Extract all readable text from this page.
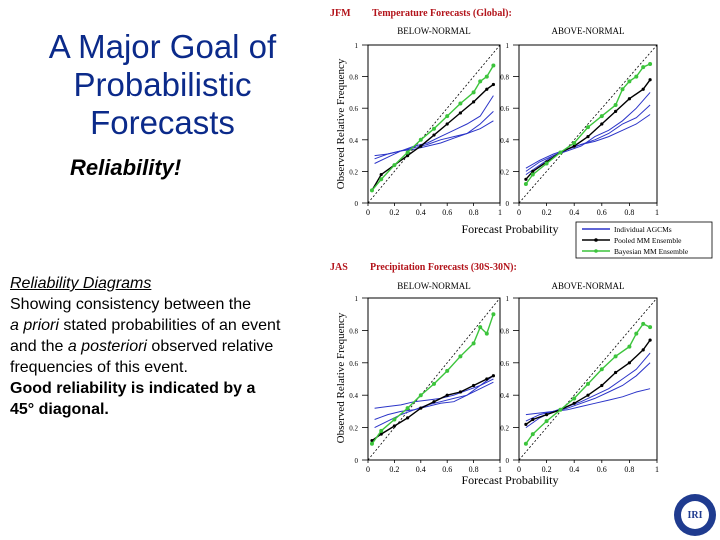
A Major Goal of
Probabilistic
Forecasts
Reliability!
Reliability Diagrams
Showing consistency between the
a priori stated probabilities of an event
and the a posteriori observed relative
frequencies of this event.
Good reliability is indicated by a
45° diagonal.
JFM Temperature Forecasts (Global):
JAS Precipitation Forecasts (30S-30N):
BELOW-NORMAL
0
0.2
0.4
0.6
0.8
1
0 0.2 0.4 0.6 0.8 1
ABOVE-NORMAL
0
0.2
0.4
0.6
0.8
1
0	0.2 0.4 0.6 0.8	1
BELOW-NORMAL
0
0.2
0.4
0.6
0.8
1
0 0.2 0.4 0.6 0.8 1
ABOVE-NORMAL
0
0.2
0.4
0.6
0.8
1
0	0.2 0.4 0.6 0.8	1
Observed Relative Frequency
Observed Relative Frequency
Forecast Probability
Forecast Probability
Individual AGCMs
Pooled MM Ensemble
Bayesian MM Ensemble
IRI
